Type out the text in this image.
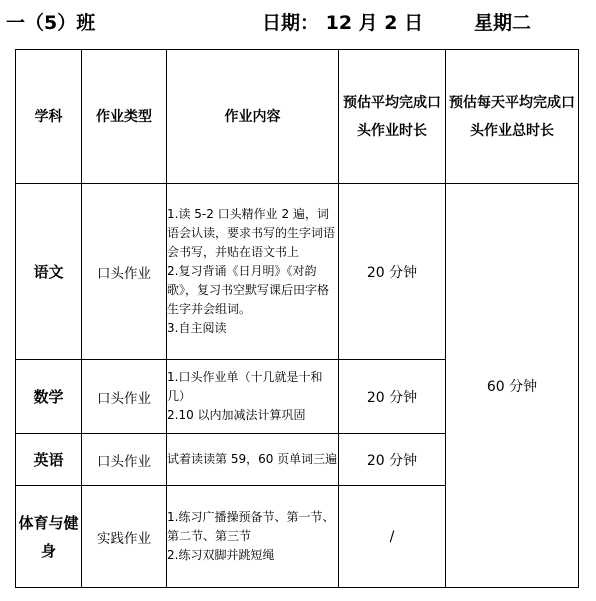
一（5）班	日期： 12 月 2 日	星期二
学科	作业类型	作业内容	预估平均完成口头作业时长	预估每天平均完成口头作业总时长
语文	口头作业	1.读 5-2 口头精作业 2 遍，词语会认读，要求书写的生字词语会书写，并贴在语文书上
2.复习背诵《日月明》《对韵歌》，复习书空默写课后田字格生字并会组词。
3.自主阅读	20 分钟	60 分钟
数学	口头作业	1.口头作业单（十几就是十和几）
2.10 以内加减法计算巩固	20 分钟	
英语	口头作业	试着读读第 59，60 页单词三遍	20 分钟	
体育与健身	实践作业	1.练习广播操预备节、第一节、第二节、第三节
2.练习双脚并跳短绳	/	
